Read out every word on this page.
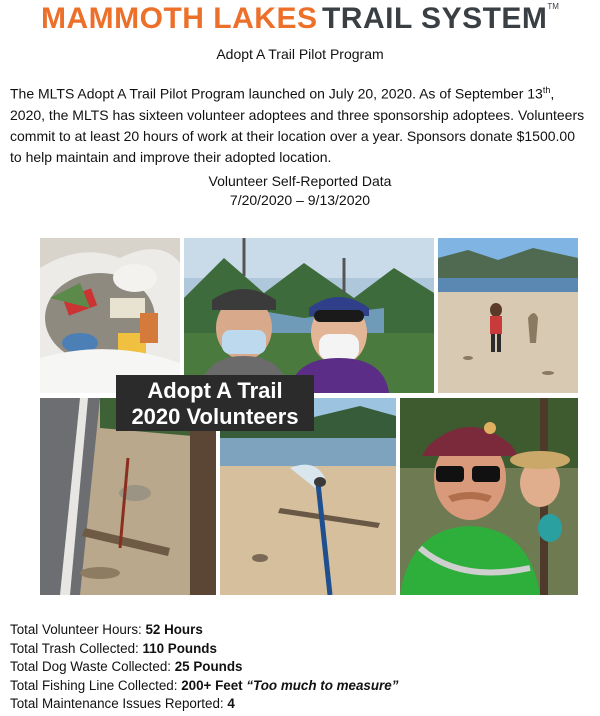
MAMMOTH LAKES TRAIL SYSTEM™
Adopt A Trail Pilot Program
The MLTS Adopt A Trail Pilot Program launched on July 20, 2020. As of September 13th, 2020, the MLTS has sixteen volunteer adoptees and three sponsorship adoptees. Volunteers commit to at least 20 hours of work at their location over a year. Sponsors donate $1500.00 to help maintain and improve their adopted location.
Volunteer Self-Reported Data
7/20/2020 – 9/13/2020
Adopt A Trail
2020 Volunteers
Total Volunteer Hours: 52 Hours
Total Trash Collected: 110 Pounds
Total Dog Waste Collected: 25 Pounds
Total Fishing Line Collected: 200+ Feet “Too much to measure”
Total Maintenance Issues Reported: 4
